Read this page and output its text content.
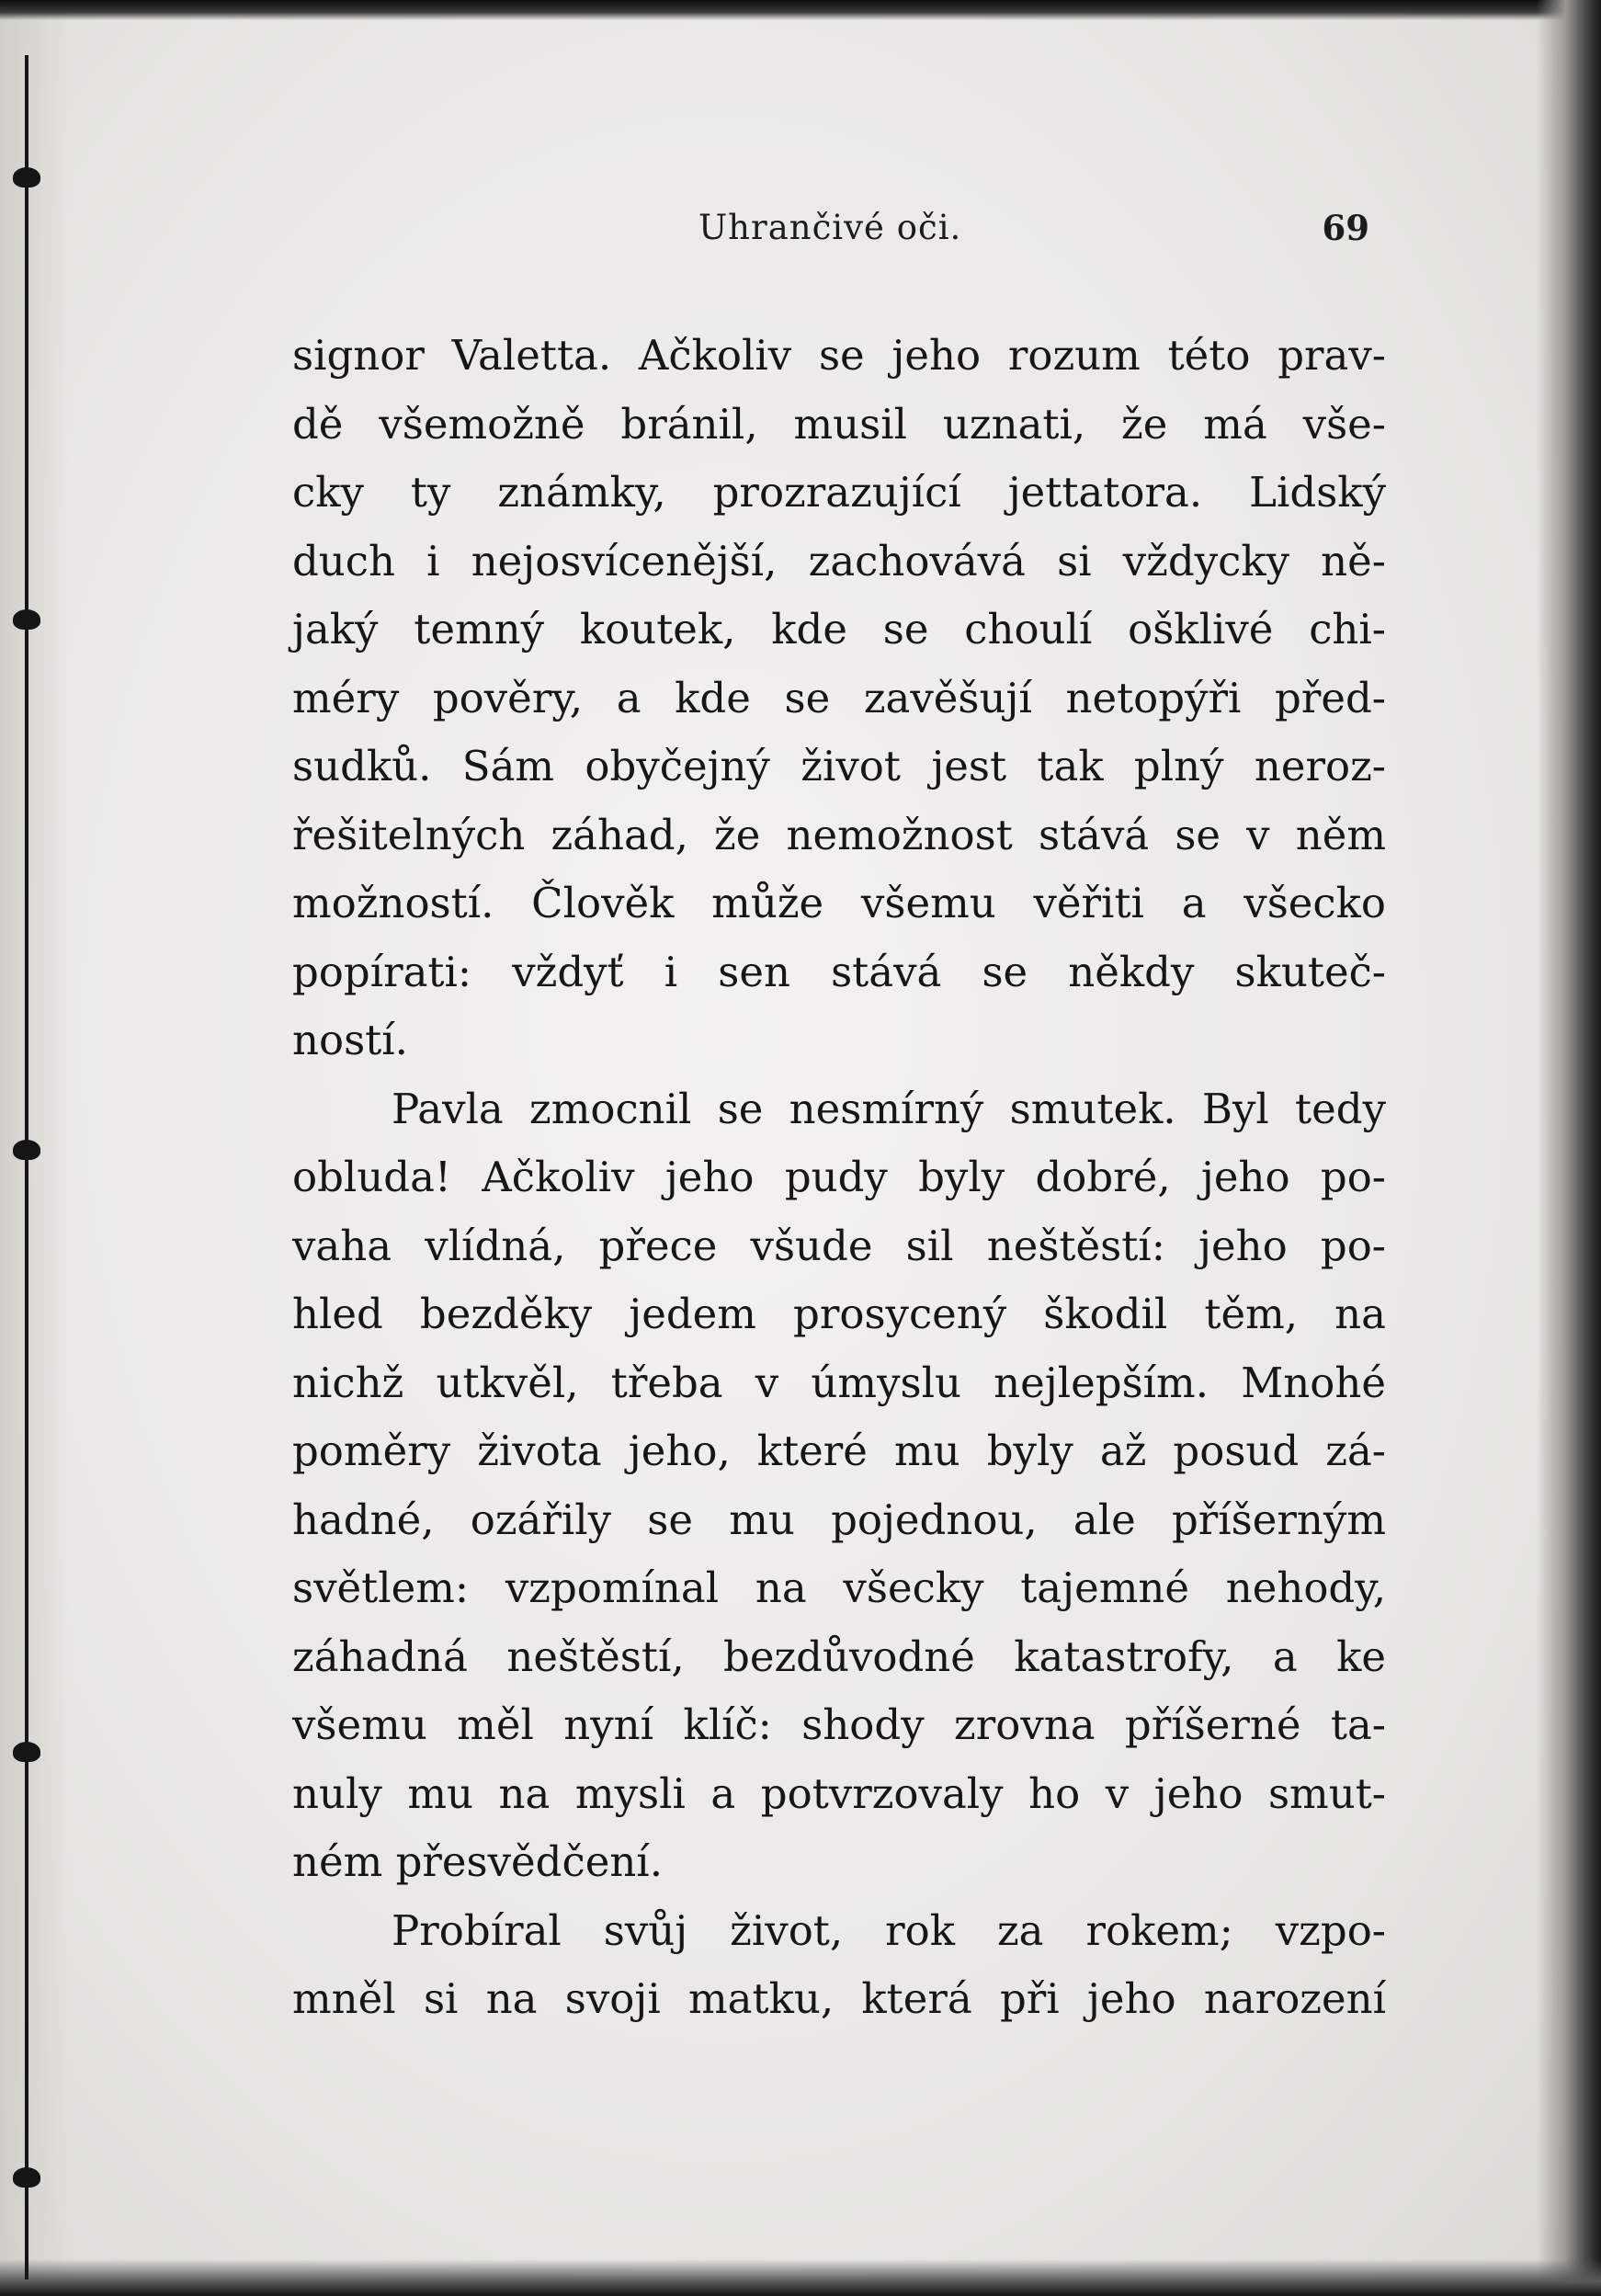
Uhrančivé oči.	69
signor Valetta. Ačkoliv se jeho rozum této prav-
dě všemožně bránil, musil uznati, že má vše-
cky ty známky, prozrazující jettatora. Lidský
duch i nejosvícenější, zachovává si vždycky ně-
jaký temný koutek, kde se choulí ošklivé chi-
méry pověry, a kde se zavěšují netopýři před-
sudků. Sám obyčejný život jest tak plný neroz-
řešitelných záhad, že nemožnost stává se v něm
možností. Člověk může všemu věřiti a všecko
popírati: vždyť i sen stává se někdy skuteč-
ností.
Pavla zmocnil se nesmírný smutek. Byl tedy
obluda! Ačkoliv jeho pudy byly dobré, jeho po-
vaha vlídná, přece všude sil neštěstí: jeho po-
hled bezděky jedem prosycený škodil těm, na
nichž utkvěl, třeba v úmyslu nejlepším. Mnohé
poměry života jeho, které mu byly až posud zá-
hadné, ozářily se mu pojednou, ale příšerným
světlem: vzpomínal na všecky tajemné nehody,
záhadná neštěstí, bezdůvodné katastrofy, a ke
všemu měl nyní klíč: shody zrovna příšerné ta-
nuly mu na mysli a potvrzovaly ho v jeho smut-
ném přesvědčení.
Probíral svůj život, rok za rokem; vzpo-
mněl si na svoji matku, která při jeho narození
